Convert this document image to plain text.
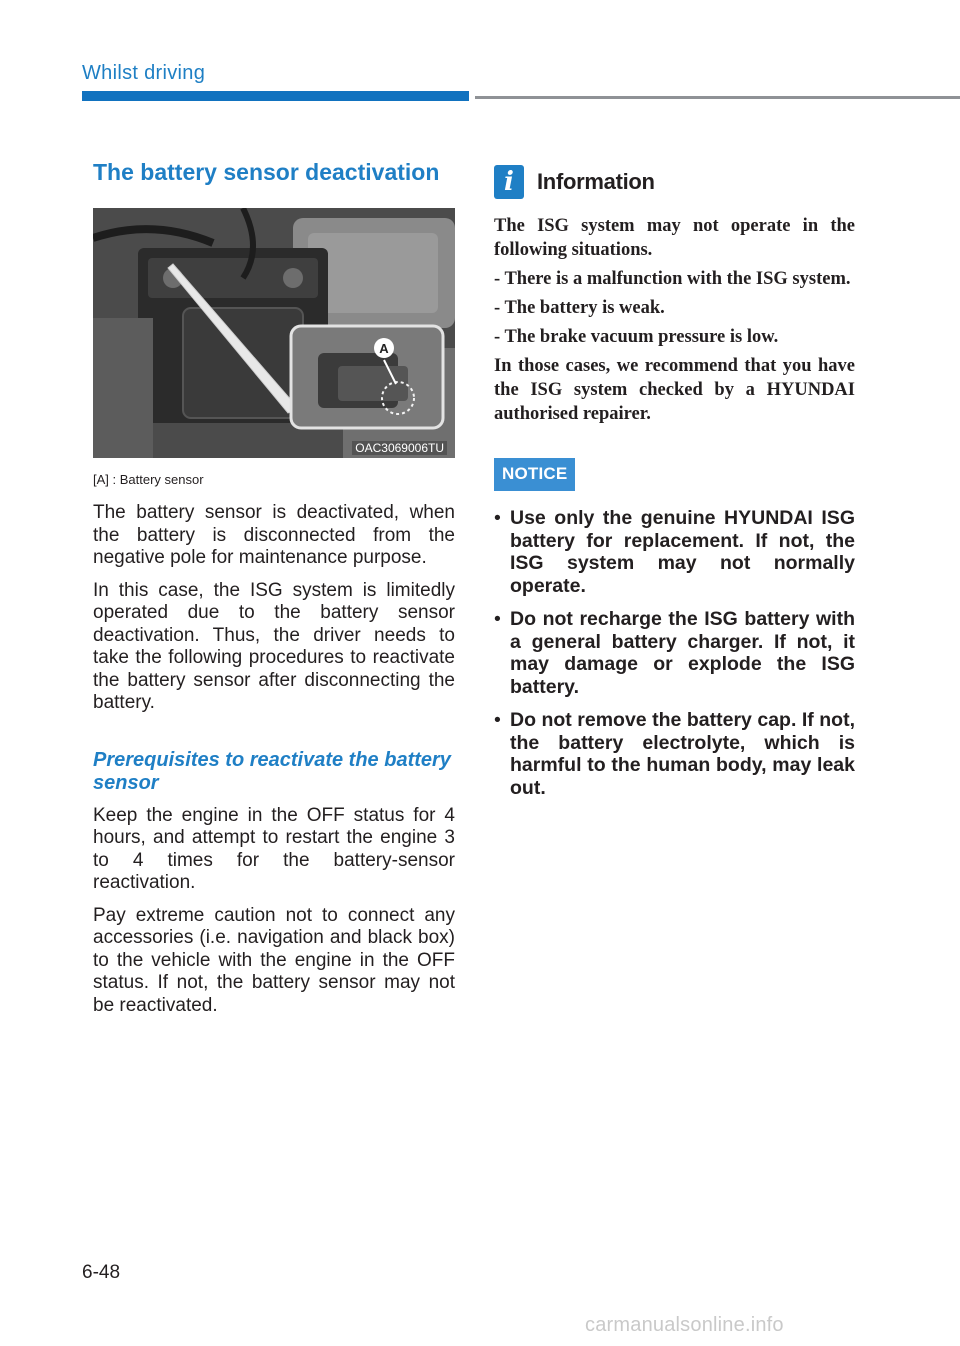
Whilst driving
The battery sensor deactivation
A
OAC3069006TU
[A] : Battery sensor

The battery sensor is deactivated, when the battery is disconnected from the negative pole for maintenance purpose.

In this case, the ISG system is limitedly operated due to the battery sensor deactivation. Thus, the driver needs to take the following procedures to reactivate the battery sensor after disconnecting the battery.

Prerequisites to reactivate the battery sensor

Keep the engine in the OFF status for 4 hours, and attempt to restart the engine 3 to 4 times for the battery-sensor reactivation.

Pay extreme caution not to connect any accessories (i.e. navigation and black box) to the vehicle with the engine in the OFF status. If not, the battery sensor may not be reactivated.

i	Information
The ISG system may not operate in the following situations.
- There is a malfunction with the ISG system.
- The battery is weak.
- The brake vacuum pressure is low.
In those cases, we recommend that you have the ISG system checked by a HYUNDAI authorised repairer.
NOTICE
• Use only the genuine HYUNDAI ISG battery for replacement. If not, the ISG system may not normally operate.
• Do not recharge the ISG battery with a general battery charger. If not, it may damage or explode the ISG battery.
• Do not remove the battery cap. If not, the battery electrolyte, which is harmful to the human body, may leak out.
6-48
carmanualsonline.info
